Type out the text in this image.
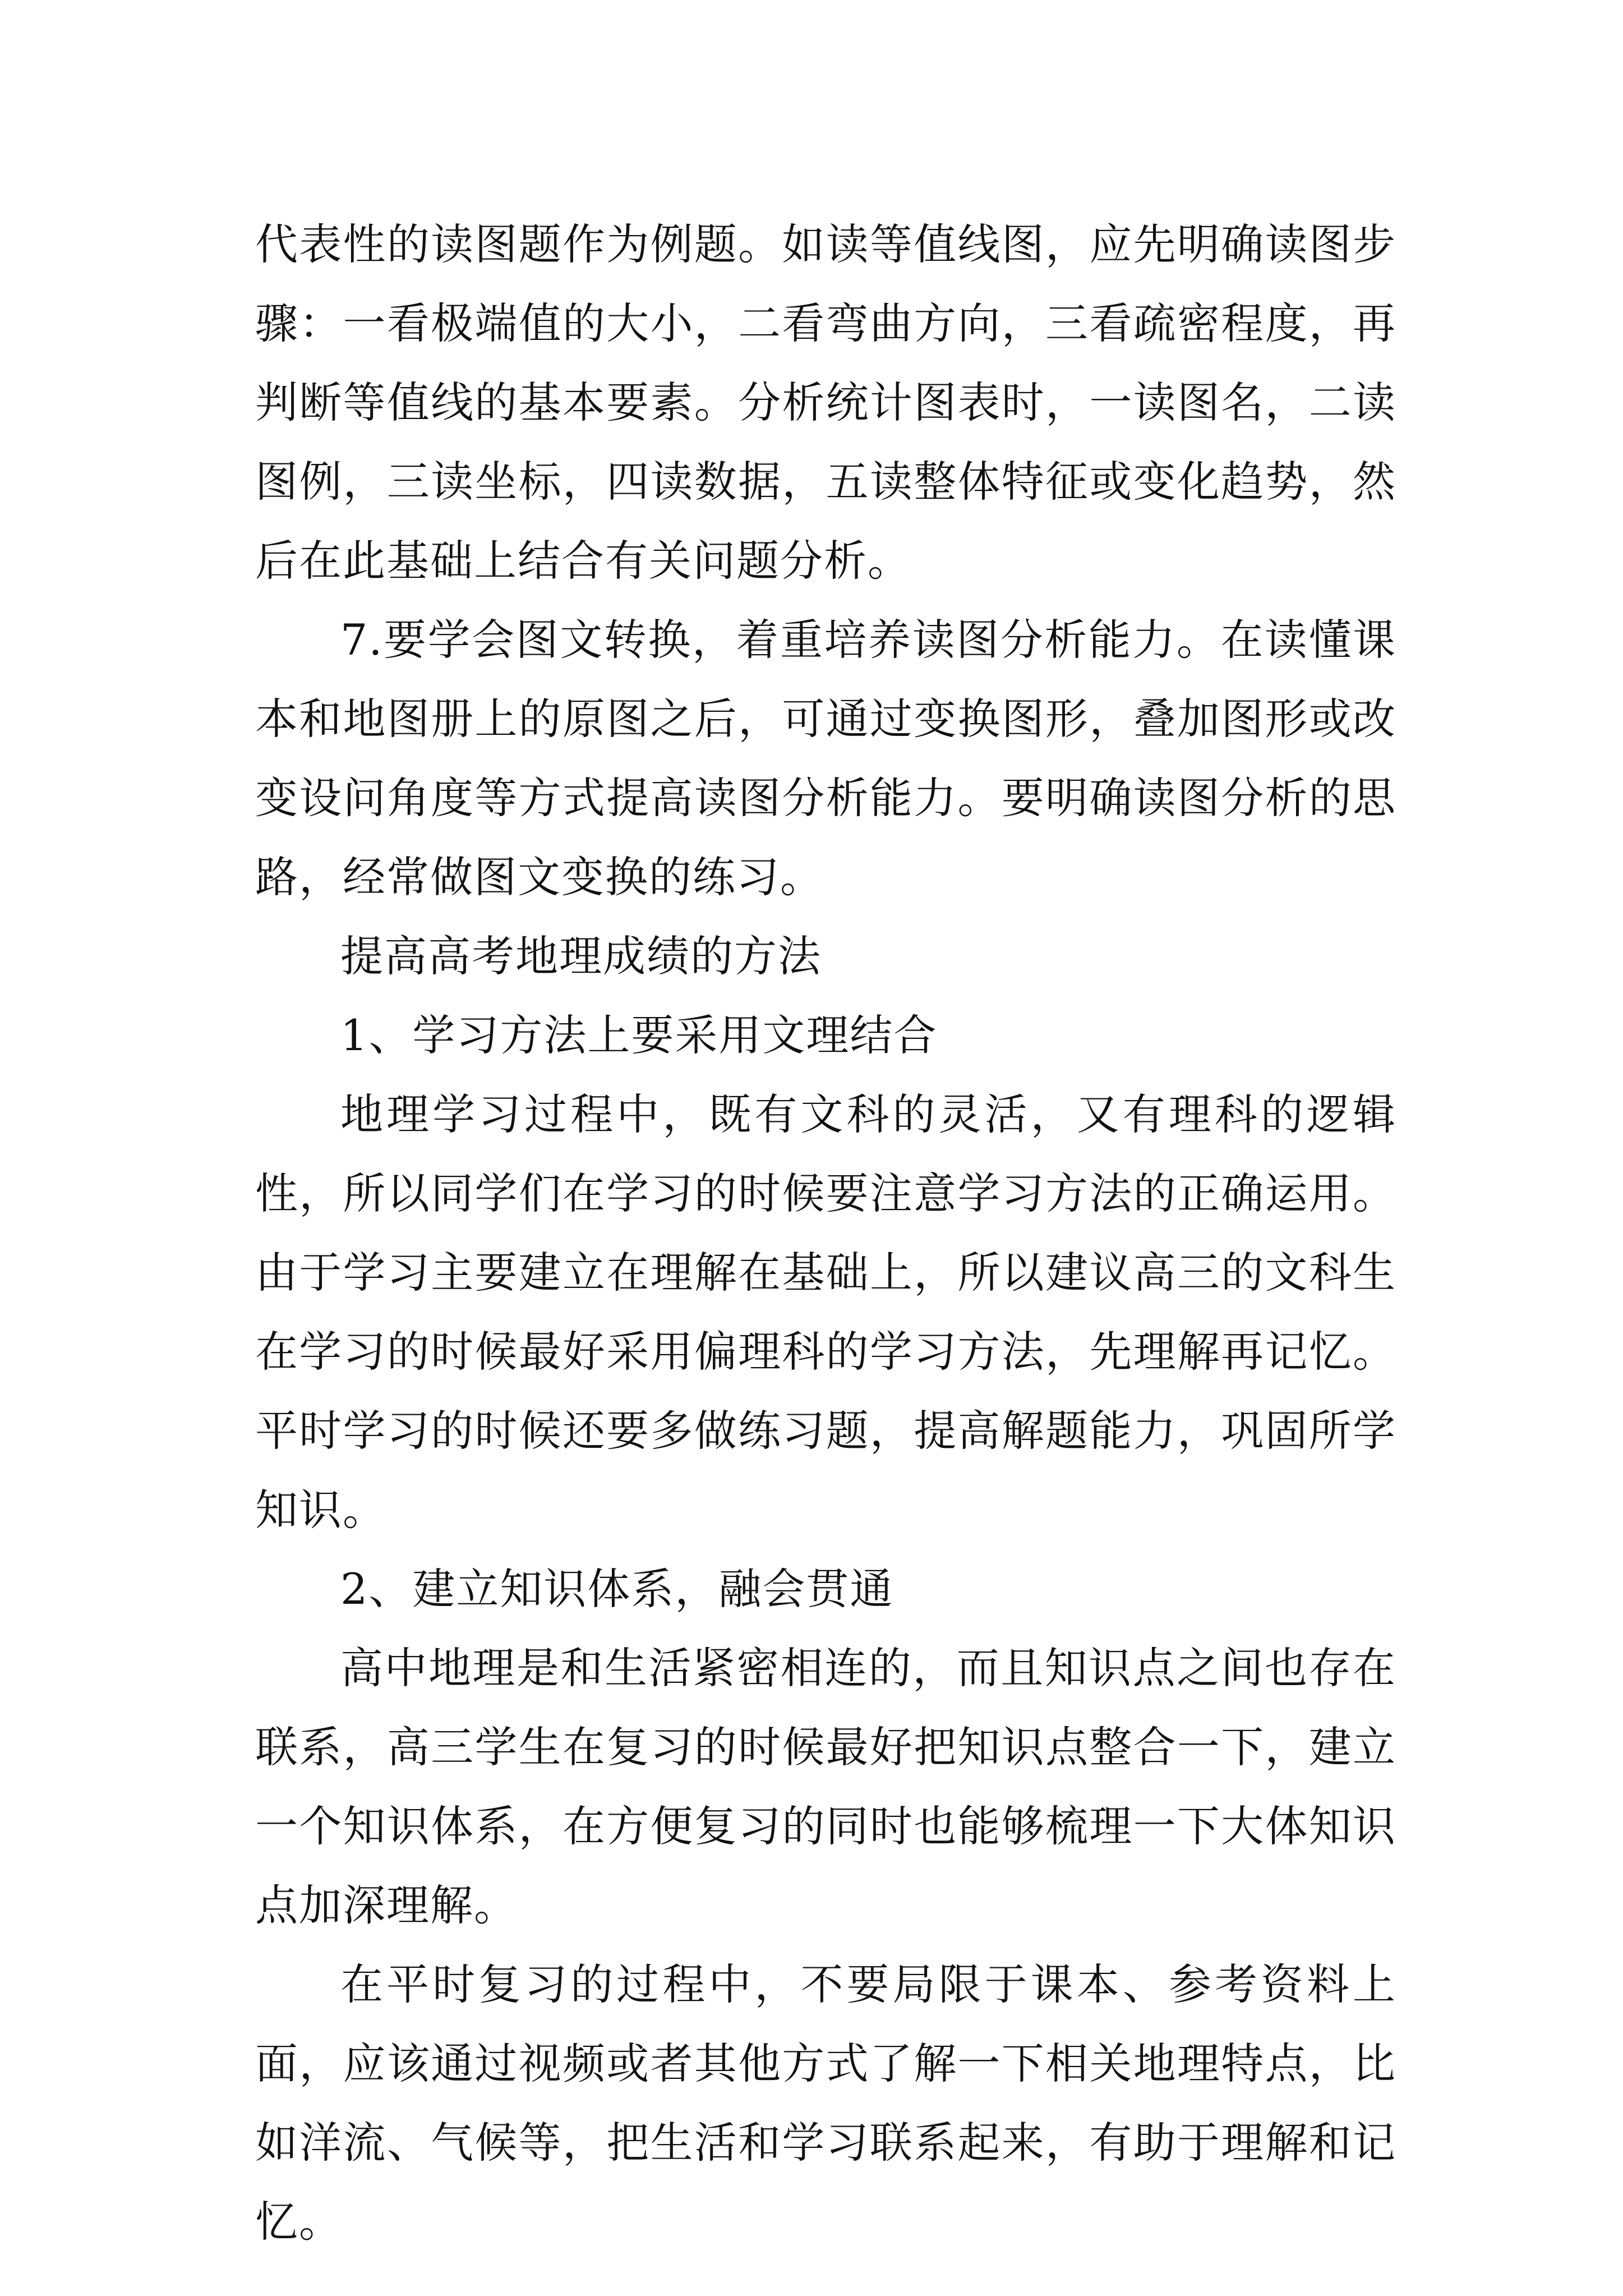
代表性的读图题作为例题。如读等值线图，应先明确读图步骤：一看极端值的大小，二看弯曲方向，三看疏密程度，再判断等值线的基本要素。分析统计图表时，一读图名，二读图例，三读坐标，四读数据，五读整体特征或变化趋势，然后在此基础上结合有关问题分析。

7.要学会图文转换，着重培养读图分析能力。在读懂课本和地图册上的原图之后，可通过变换图形，叠加图形或改变设问角度等方式提高读图分析能力。要明确读图分析的思路，经常做图文变换的练习。

提高高考地理成绩的方法

1、学习方法上要采用文理结合

地理学习过程中，既有文科的灵活，又有理科的逻辑性，所以同学们在学习的时候要注意学习方法的正确运用。由于学习主要建立在理解在基础上，所以建议高三的文科生在学习的时候最好采用偏理科的学习方法，先理解再记忆。平时学习的时候还要多做练习题，提高解题能力，巩固所学知识。

2、建立知识体系，融会贯通

高中地理是和生活紧密相连的，而且知识点之间也存在联系，高三学生在复习的时候最好把知识点整合一下，建立一个知识体系，在方便复习的同时也能够梳理一下大体知识点加深理解。

在平时复习的过程中，不要局限于课本、参考资料上面，应该通过视频或者其他方式了解一下相关地理特点，比如洋流、气候等，把生活和学习联系起来，有助于理解和记忆。
